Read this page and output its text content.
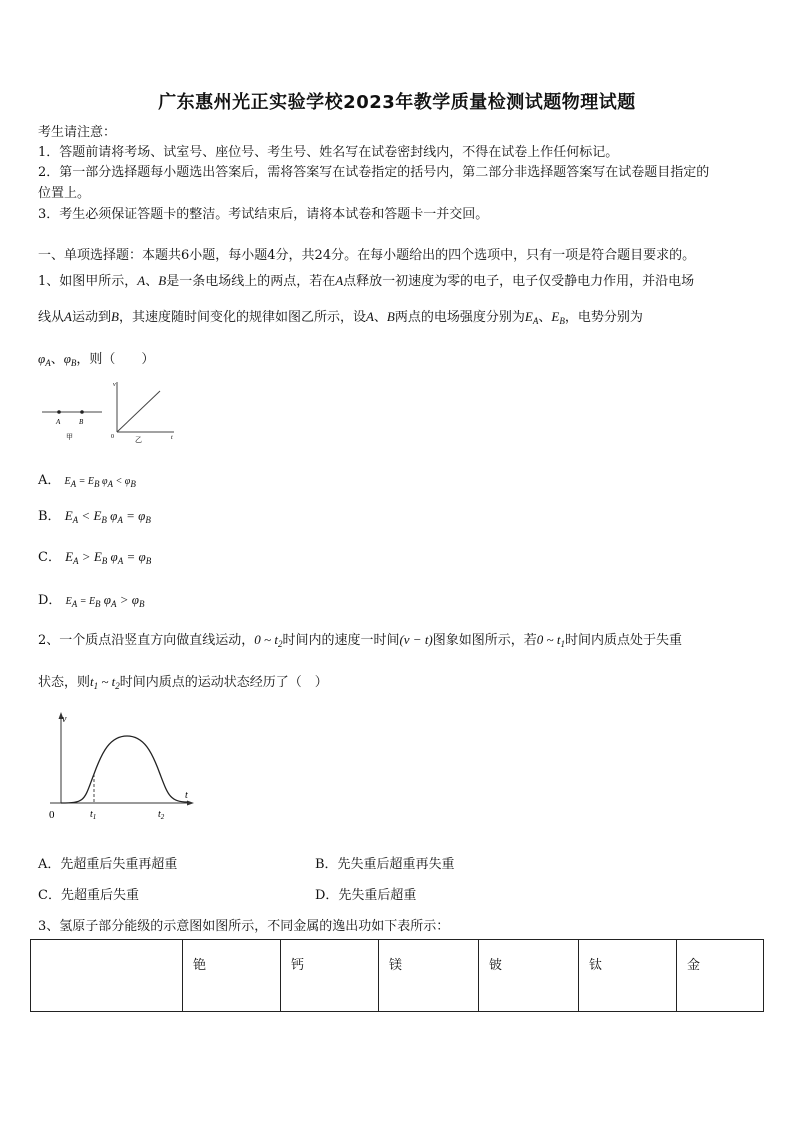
广东惠州光正实验学校2023年教学质量检测试题物理试题
考生请注意：
1．答题前请将考场、试室号、座位号、考生号、姓名写在试卷密封线内，不得在试卷上作任何标记。
2．第一部分选择题每小题选出答案后，需将答案写在试卷指定的括号内，第二部分非选择题答案写在试卷题目指定的
位置上。
3．考生必须保证答题卡的整洁。考试结束后，请将本试卷和答题卡一并交回。
一、单项选择题：本题共6小题，每小题4分，共24分。在每小题给出的四个选项中，只有一项是符合题目要求的。
1、如图甲所示，A、B是一条电场线上的两点，若在A点释放一初速度为零的电子，电子仅受静电力作用，并沿电场
线从A运动到B，其速度随时间变化的规律如图乙所示，设A、B两点的电场强度分别为$E_A$、$E_B$，电势分别为
$\varphi_A$、$\varphi_B$，则（　　）
A	B
甲
v
t
0	乙
A． EA = EB φA < φB
B． $E_A < E_B$ $\varphi_A = \varphi_B$
C． $E_A > E_B$ $\varphi_A = \varphi_B$
D． EA = EB $\varphi_A > \varphi_B$
2、一个质点沿竖直方向做直线运动，0 ~ $t_2$时间内的速度一时间(v − t)图象如图所示，若0 ~ $t_1$时间内质点处于失重
状态，则$t_1$ ~ $t_2$时间内质点的运动状态经历了（　）
v
t
0	$t_1$	$t_2$
A．先超重后失重再超重	B．先失重后超重再失重
C．先超重后失重	D．先失重后超重
3、氢原子部分能级的示意图如图所示，不同金属的逸出功如下表所示：
	铯	钙	镁	铍	钛	金
